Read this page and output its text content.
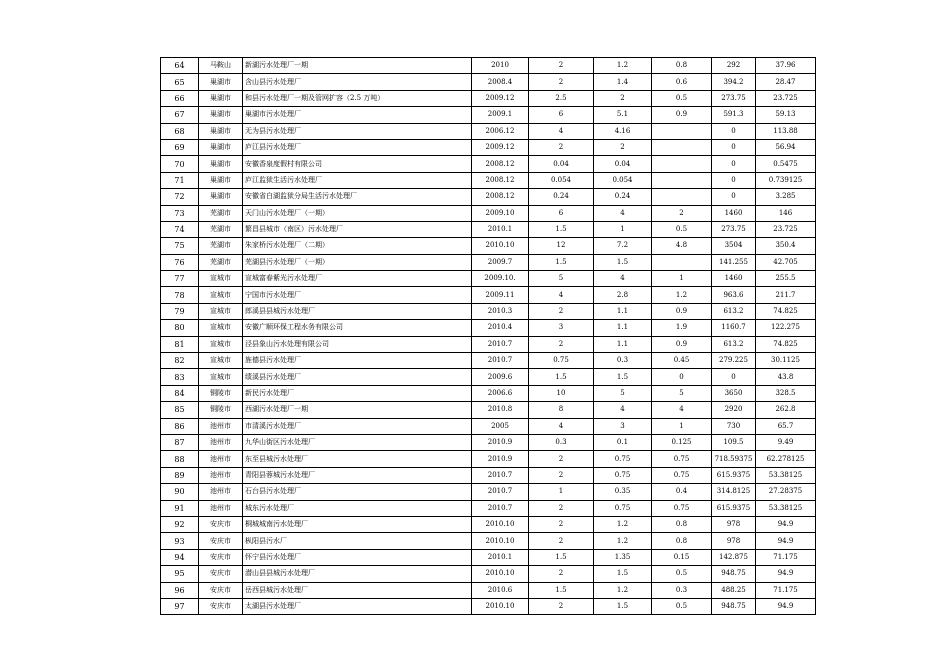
64	马鞍山	新湖污水处理厂一期	2010	2	1.2	0.8	292	37.96
65	巢湖市	含山县污水处理厂	2008.4	2	1.4	0.6	394.2	28.47
66	巢湖市	和县污水处理厂一期及管网扩容（2.5 万吨）	2009.12	2.5	2	0.5	273.75	23.725
67	巢湖市	巢湖市污水处理厂	2009.1	6	5.1	0.9	591.3	59.13
68	巢湖市	无为县污水处理厂	2006.12	4	4.16		0	113.88
69	巢湖市	庐江县污水处理厂	2009.12	2	2		0	56.94
70	巢湖市	安徽香泉度假村有限公司	2008.12	0.04	0.04		0	0.5475
71	巢湖市	庐江监狱生活污水处理厂	2008.12	0.054	0.054		0	0.739125
72	巢湖市	安徽省白湖监狱分局生活污水处理厂	2008.12	0.24	0.24		0	3.285
73	芜湖市	天门山污水处理厂（一期）	2009.10	6	4	2	1460	146
74	芜湖市	繁昌县城市（南区）污水处理厂	2010.1	1.5	1	0.5	273.75	23.725
75	芜湖市	朱家桥污水处理厂（二期）	2010.10	12	7.2	4.8	3504	350.4
76	芜湖市	芜湖县污水处理厂（一期）	2009.7	1.5	1.5		141.255	42.705
77	宣城市	宣城富春紫光污水处理厂	2009.10.	5	4	1	1460	255.5
78	宣城市	宁国市污水处理厂	2009.11	4	2.8	1.2	963.6	211.7
79	宣城市	郎溪县县城污水处理厂	2010.3	2	1.1	0.9	613.2	74.825
80	宣城市	安徽广顺环保工程水务有限公司	2010.4	3	1.1	1.9	1160.7	122.275
81	宣城市	泾县象山污水处理有限公司	2010.7	2	1.1	0.9	613.2	74.825
82	宣城市	旌德县污水处理厂	2010.7	0.75	0.3	0.45	279.225	30.1125
83	宣城市	绩溪县污水处理厂	2009.6	1.5	1.5	0	0	43.8
84	铜陵市	新民污水处理厂	2006.6	10	5	5	3650	328.5
85	铜陵市	西湖污水处理厂一期	2010.8	8	4	4	2920	262.8
86	池州市	市清溪污水处理厂	2005	4	3	1	730	65.7
87	池州市	九华山街区污水处理厂	2010.9	0.3	0.1	0.125	109.5	9.49
88	池州市	东至县城污水处理厂	2010.9	2	0.75	0.75	718.59375	62.278125
89	池州市	青阳县蓉城污水处理厂	2010.7	2	0.75	0.75	615.9375	53.38125
90	池州市	石台县污水处理厂	2010.7	1	0.35	0.4	314.8125	27.28375
91	池州市	城东污水处理厂	2010.7	2	0.75	0.75	615.9375	53.38125
92	安庆市	桐城城南污水处理厂	2010.10	2	1.2	0.8	978	94.9
93	安庆市	枞阳县污水厂	2010.10	2	1.2	0.8	978	94.9
94	安庆市	怀宁县污水处理厂	2010.1	1.5	1.35	0.15	142.875	71.175
95	安庆市	潜山县县城污水处理厂	2010.10	2	1.5	0.5	948.75	94.9
96	安庆市	岳西县城污水处理厂	2010.6	1.5	1.2	0.3	488.25	71.175
97	安庆市	太湖县污水处理厂	2010.10	2	1.5	0.5	948.75	94.9
